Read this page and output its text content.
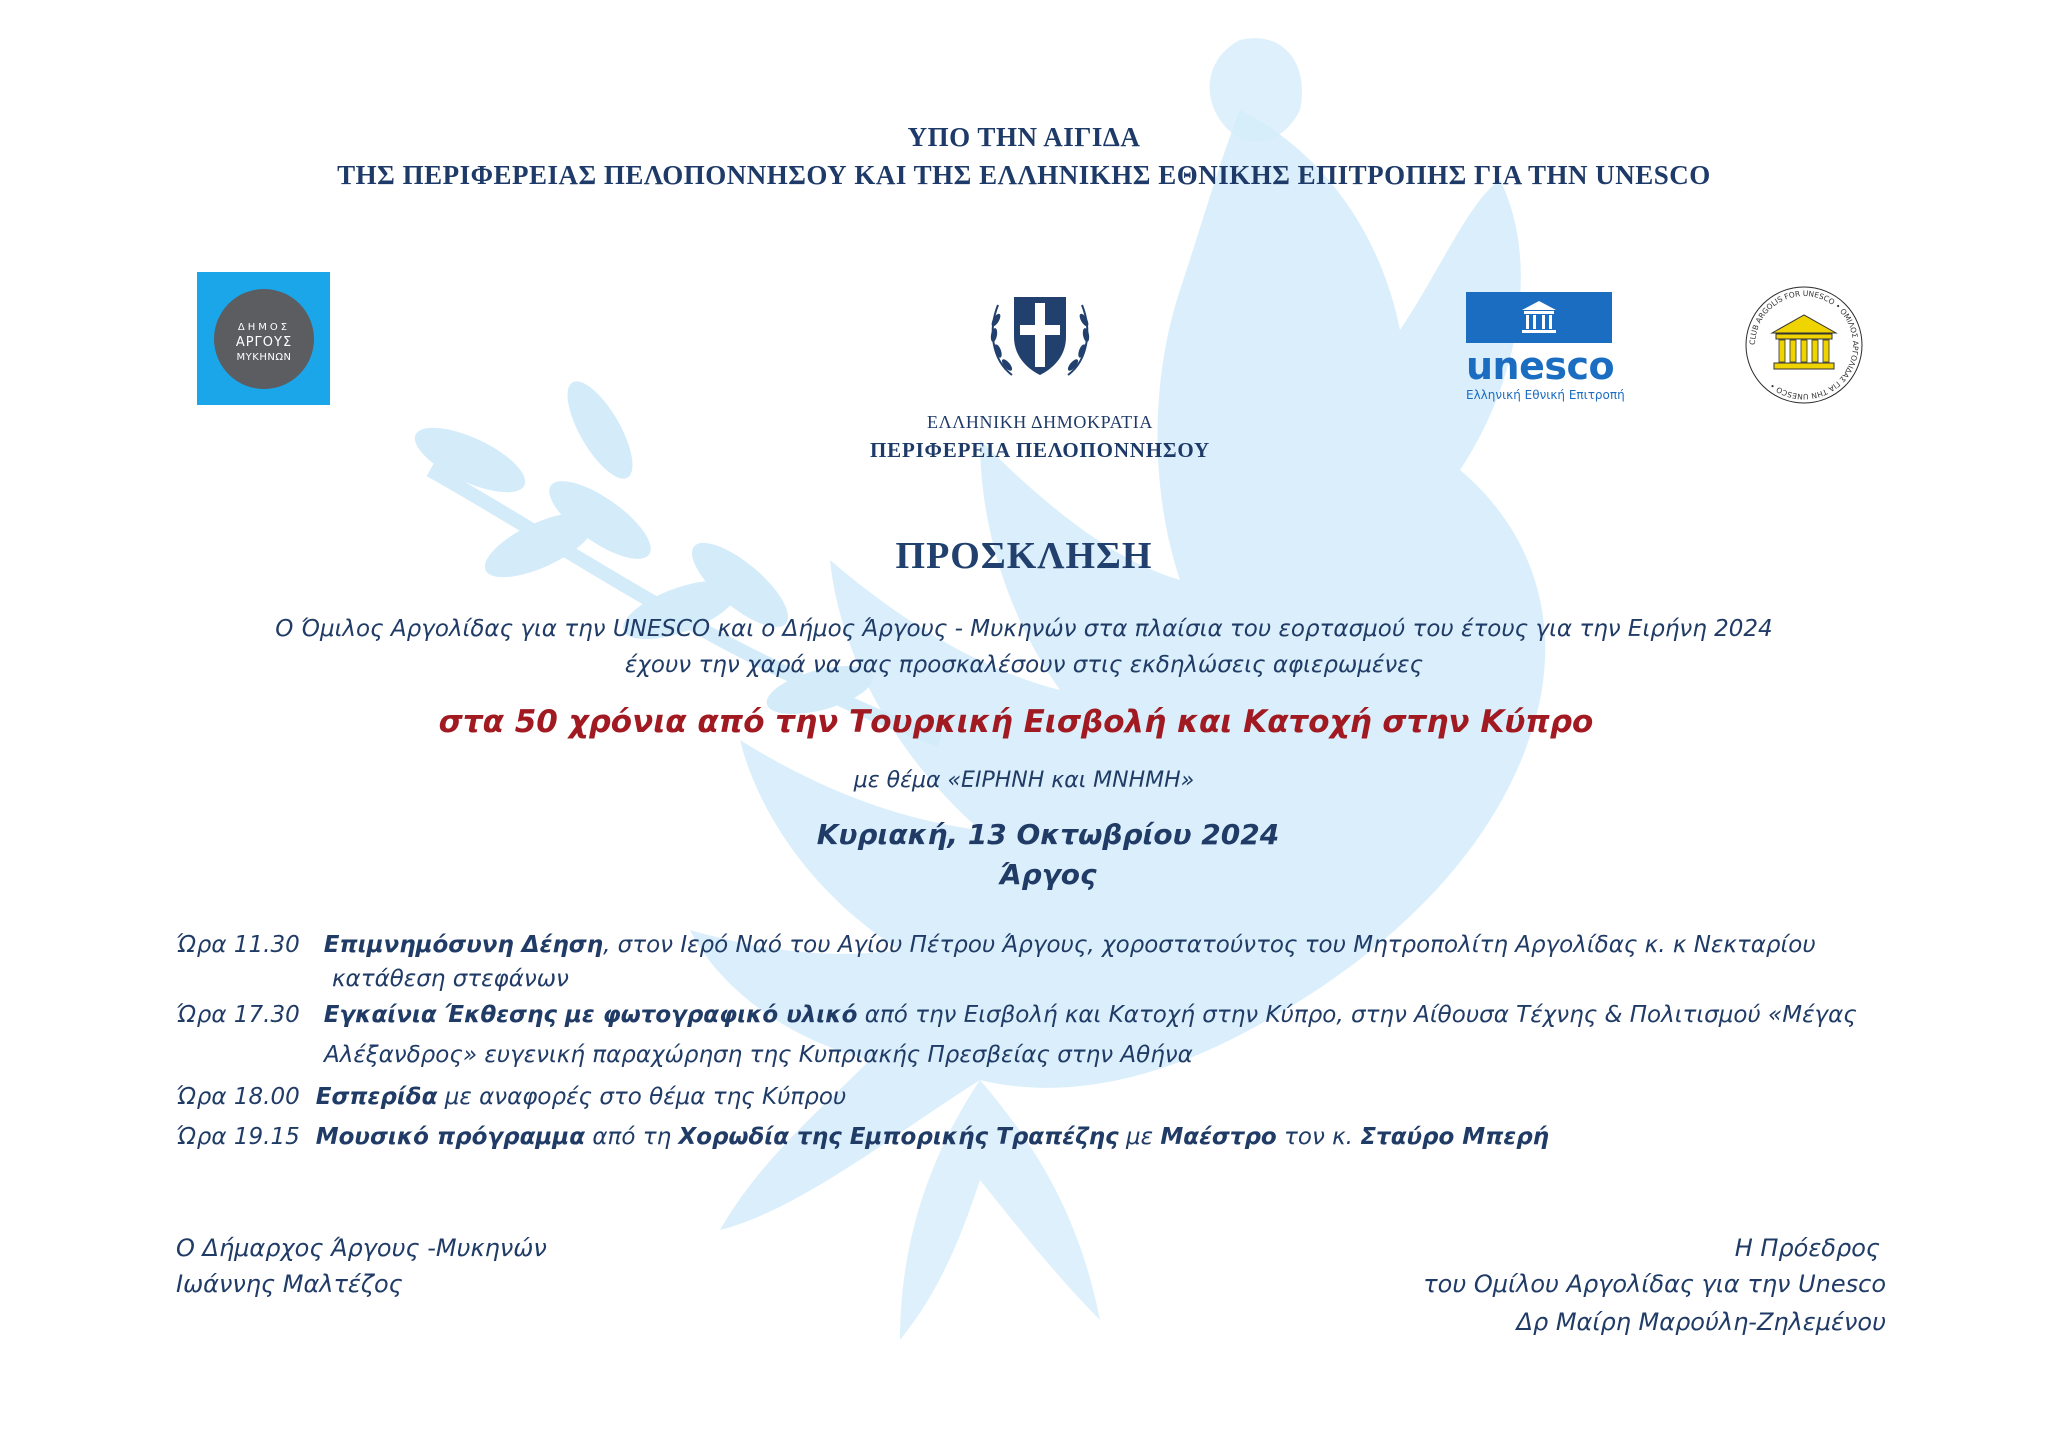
ΥΠΟ ΤΗΝ ΑΙΓΙΔΑ
ΤΗΣ ΠΕΡΙΦΕΡΕΙΑΣ ΠΕΛΟΠΟΝΝΗΣΟΥ ΚΑΙ ΤΗΣ ΕΛΛΗΝΙΚΗΣ ΕΘΝΙΚΗΣ ΕΠΙΤΡΟΠΗΣ ΓΙΑ ΤΗΝ UNESCO
ΔΗΜΟΣ
ΑΡΓΟΥΣ
ΜΥΚΗΝΩΝ
ΕΛΛΗΝΙΚΗ ΔΗΜΟΚΡΑΤΙΑ
ΠΕΡΙΦΕΡΕΙΑ ΠΕΛΟΠΟΝΝΗΣΟΥ
unesco
Ελληνική Εθνική Επιτροπή
CLUB ARGOLIS FOR UNESCO • ΟΜΙΛΟΣ ΑΡΓΟΛΙΔΑΣ ΓΙΑ ΤΗΝ UNESCO •
ΠΡΟΣΚΛΗΣΗ
Ο Όμιλος Αργολίδας για την UNESCO και ο Δήμος Άργους - Μυκηνών στα πλαίσια του εορτασμού του έτους για την Ειρήνη 2024
έχουν την χαρά να σας προσκαλέσουν στις εκδηλώσεις αφιερωμένες
στα 50 χρόνια από την Τουρκική Εισβολή και Κατοχή στην Κύπρο
με θέμα «ΕΙΡΗΝΗ και ΜΝΗΜΗ»
Κυριακή, 13 Οκτωβρίου 2024
Άργος
Ώρα 11.30 Επιμνημόσυνη Δέηση, στον Ιερό Ναό του Αγίου Πέτρου Άργους, χοροστατούντος του Μητροπολίτη Αργολίδας κ. κ Νεκταρίου
κατάθεση στεφάνων
Ώρα 17.30 Εγκαίνια Έκθεσης με φωτογραφικό υλικό από την Εισβολή και Κατοχή στην Κύπρο, στην Αίθουσα Τέχνης & Πολιτισμού «Μέγας
Αλέξανδρος» ευγενική παραχώρηση της Κυπριακής Πρεσβείας στην Αθήνα
Ώρα 18.00 Εσπερίδα με αναφορές στο θέμα της Κύπρου
Ώρα 19.15 Μουσικό πρόγραμμα από τη Χορωδία της Εμπορικής Τραπέζης με Μαέστρο τον κ. Σταύρο Μπερή
Ο Δήμαρχος Άργους -Μυκηνών
Ιωάννης Μαλτέζος
Η Πρόεδρος
του Ομίλου Αργολίδας για την Unesco
Δρ Μαίρη Μαρούλη-Ζηλεμένου
